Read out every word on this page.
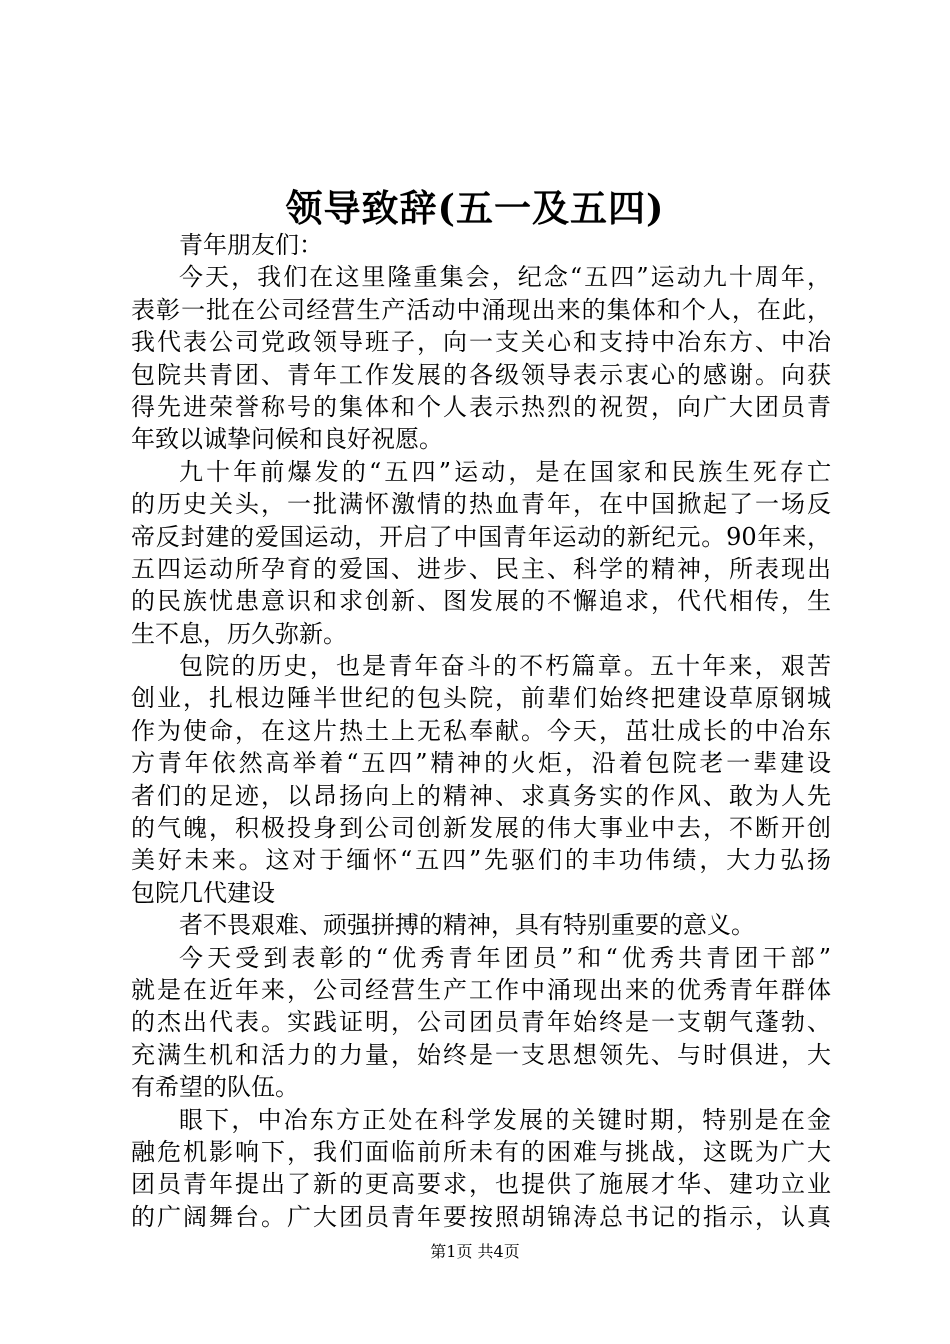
领导致辞(五一及五四)
青年朋友们：
今天，我们在这里隆重集会，纪念“五四”运动九十周年，
表彰一批在公司经营生产活动中涌现出来的集体和个人，在此，
我代表公司党政领导班子，向一支关心和支持中冶东方、中冶
包院共青团、青年工作发展的各级领导表示衷心的感谢。向获
得先进荣誉称号的集体和个人表示热烈的祝贺，向广大团员青
年致以诚挚问候和良好祝愿。
九十年前爆发的“五四”运动，是在国家和民族生死存亡
的历史关头，一批满怀激情的热血青年，在中国掀起了一场反
帝反封建的爱国运动，开启了中国青年运动的新纪元。90年来，
五四运动所孕育的爱国、进步、民主、科学的精神，所表现出
的民族忧患意识和求创新、图发展的不懈追求，代代相传，生
生不息，历久弥新。
包院的历史，也是青年奋斗的不朽篇章。五十年来，艰苦
创业，扎根边陲半世纪的包头院，前辈们始终把建设草原钢城
作为使命，在这片热土上无私奉献。今天，茁壮成长的中冶东
方青年依然高举着“五四”精神的火炬，沿着包院老一辈建设
者们的足迹，以昂扬向上的精神、求真务实的作风、敢为人先
的气魄，积极投身到公司创新发展的伟大事业中去，不断开创
美好未来。这对于缅怀“五四”先驱们的丰功伟绩，大力弘扬
包院几代建设
者不畏艰难、顽强拼搏的精神，具有特别重要的意义。
今天受到表彰的“优秀青年团员”和“优秀共青团干部”
就是在近年来，公司经营生产工作中涌现出来的优秀青年群体
的杰出代表。实践证明，公司团员青年始终是一支朝气蓬勃、
充满生机和活力的力量，始终是一支思想领先、与时俱进，大
有希望的队伍。
眼下，中冶东方正处在科学发展的关键时期，特别是在金
融危机影响下，我们面临前所未有的困难与挑战，这既为广大
团员青年提出了新的更高要求，也提供了施展才华、建功立业
的广阔舞台。广大团员青年要按照胡锦涛总书记的指示，认真
第1页 共4页
